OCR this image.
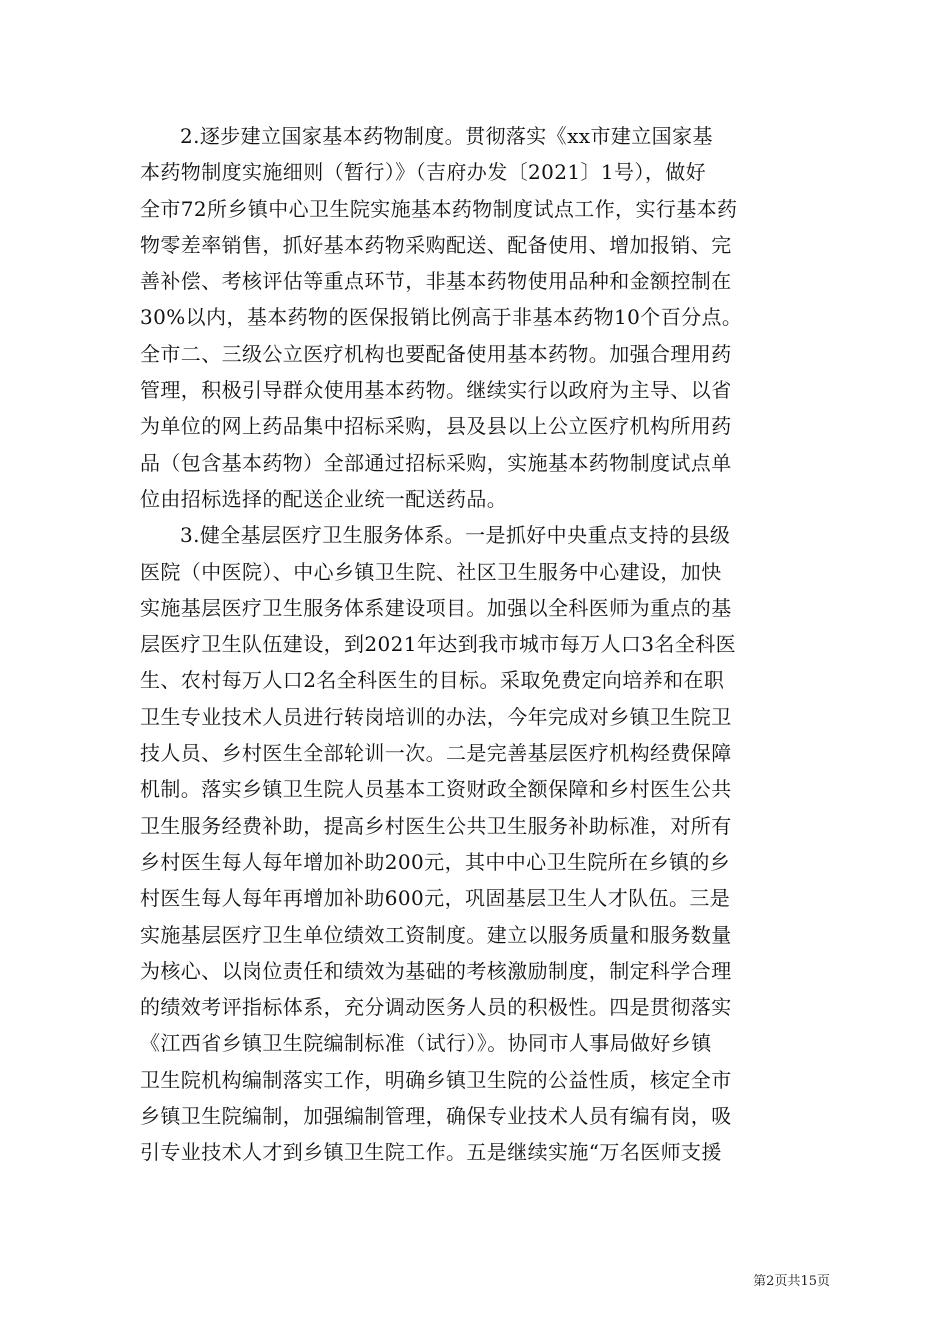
2.逐步建立国家基本药物制度。贯彻落实《xx市建立国家基
本药物制度实施细则（暂行）》（吉府办发〔2021〕1号），做好
全市72所乡镇中心卫生院实施基本药物制度试点工作，实行基本药
物零差率销售，抓好基本药物采购配送、配备使用、增加报销、完
善补偿、考核评估等重点环节，非基本药物使用品种和金额控制在
30%以内，基本药物的医保报销比例高于非基本药物10个百分点。
全市二、三级公立医疗机构也要配备使用基本药物。加强合理用药
管理，积极引导群众使用基本药物。继续实行以政府为主导、以省
为单位的网上药品集中招标采购，县及县以上公立医疗机构所用药
品（包含基本药物）全部通过招标采购，实施基本药物制度试点单
位由招标选择的配送企业统一配送药品。
3.健全基层医疗卫生服务体系。一是抓好中央重点支持的县级
医院（中医院）、中心乡镇卫生院、社区卫生服务中心建设，加快
实施基层医疗卫生服务体系建设项目。加强以全科医师为重点的基
层医疗卫生队伍建设，到2021年达到我市城市每万人口3名全科医
生、农村每万人口2名全科医生的目标。采取免费定向培养和在职
卫生专业技术人员进行转岗培训的办法，今年完成对乡镇卫生院卫
技人员、乡村医生全部轮训一次。二是完善基层医疗机构经费保障
机制。落实乡镇卫生院人员基本工资财政全额保障和乡村医生公共
卫生服务经费补助，提高乡村医生公共卫生服务补助标准，对所有
乡村医生每人每年增加补助200元，其中中心卫生院所在乡镇的乡
村医生每人每年再增加补助600元，巩固基层卫生人才队伍。三是
实施基层医疗卫生单位绩效工资制度。建立以服务质量和服务数量
为核心、以岗位责任和绩效为基础的考核激励制度，制定科学合理
的绩效考评指标体系，充分调动医务人员的积极性。四是贯彻落实
《江西省乡镇卫生院编制标准（试行）》。协同市人事局做好乡镇
卫生院机构编制落实工作，明确乡镇卫生院的公益性质，核定全市
乡镇卫生院编制，加强编制管理，确保专业技术人员有编有岗，吸
引专业技术人才到乡镇卫生院工作。五是继续实施“万名医师支援
第2页共15页
